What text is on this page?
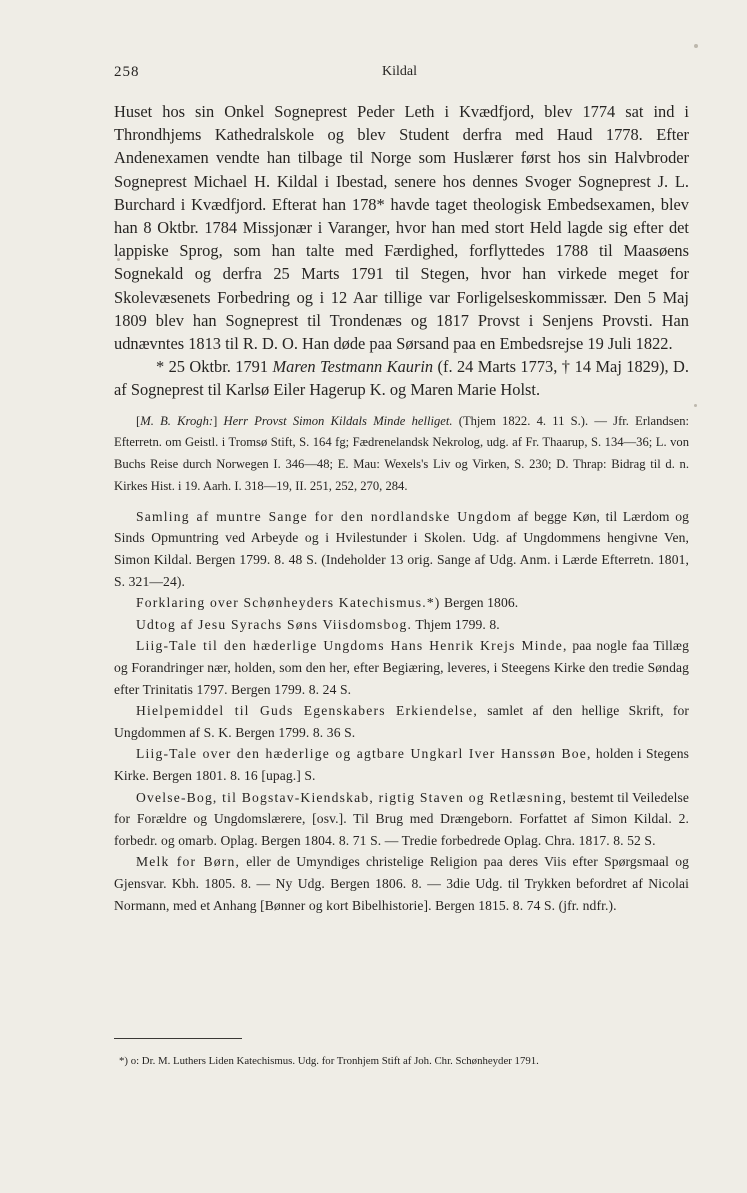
258	Kildal

Huset hos sin Onkel Sogneprest Peder Leth i Kvædfjord, blev 1774 sat ind i Throndhjems Kathedralskole og blev Student derfra med Haud 1778. Efter Andenexamen vendte han tilbage til Norge som Huslærer først hos sin Halvbroder Sogneprest Michael H. Kildal i Ibestad, senere hos dennes Svoger Sogneprest J. L. Burchard i Kvædfjord. Efterat han 178* havde taget theologisk Embedsexamen, blev han 8 Oktbr. 1784 Missjonær i Varanger, hvor han med stort Held lagde sig efter det lappiske Sprog, som han talte med Færdighed, forflyttedes 1788 til Maasøens Sognekald og derfra 25 Marts 1791 til Stegen, hvor han virkede meget for Skolevæsenets Forbedring og i 12 Aar tillige var Forligelseskommissær. Den 5 Maj 1809 blev han Sogneprest til Trondenæs og 1817 Provst i Senjens Provsti. Han udnævntes 1813 til R. D. O. Han døde paa Sørsand paa en Embedsrejse 19 Juli 1822.

* 25 Oktbr. 1791 Maren Testmann Kaurin (f. 24 Marts 1773, † 14 Maj 1829), D. af Sogneprest til Karlsø Eiler Hagerup K. og Maren Marie Holst.

[M. B. Krogh:] Herr Provst Simon Kildals Minde helliget. (Thjem 1822. 4. 11 S.). — Jfr. Erlandsen: Efterretn. om Geistl. i Tromsø Stift, S. 164 fg; Fædrenelandsk Nekrolog, udg. af Fr. Thaarup, S. 134—36; L. von Buchs Reise durch Norwegen I. 346—48; E. Mau: Wexels's Liv og Virken, S. 230; D. Thrap: Bidrag til d. n. Kirkes Hist. i 19. Aarh. I. 318—19, II. 251, 252, 270, 284.

Samling af muntre Sange for den nordlandske Ungdom af begge Køn, til Lærdom og Sinds Opmuntring ved Arbeyde og i Hvilestunder i Skolen. Udg. af Ungdommens hengivne Ven, Simon Kildal. Bergen 1799. 8. 48 S. (Indeholder 13 orig. Sange af Udg. Anm. i Lærde Efterretn. 1801, S. 321—24).

Forklaring over Schønheyders Katechismus.*) Bergen 1806.

Udtog af Jesu Syrachs Søns Viisdomsbog. Thjem 1799. 8.

Liig-Tale til den hæderlige Ungdoms Hans Henrik Krejs Minde, paa nogle faa Tillæg og Forandringer nær, holden, som den her, efter Begiæring, leveres, i Steegens Kirke den tredie Søndag efter Trinitatis 1797. Bergen 1799. 8. 24 S.

Hielpemiddel til Guds Egenskabers Erkiendelse, samlet af den hellige Skrift, for Ungdommen af S. K. Bergen 1799. 8. 36 S.

Liig-Tale over den hæderlige og agtbare Ungkarl Iver Hanssøn Boe, holden i Stegens Kirke. Bergen 1801. 8. 16 [upag.] S.

Ovelse-Bog, til Bogstav-Kiendskab, rigtig Staven og Retlæsning, bestemt til Veiledelse for Forældre og Ungdomslærere, [osv.]. Til Brug med Drængeborn. Forfattet af Simon Kildal. 2. forbedr. og omarb. Oplag. Bergen 1804. 8. 71 S. — Tredie forbedrede Oplag. Chra. 1817. 8. 52 S.

Melk for Børn, eller de Umyndiges christelige Religion paa deres Viis efter Spørgsmaal og Gjensvar. Kbh. 1805. 8. — Ny Udg. Bergen 1806. 8. — 3die Udg. til Trykken befordret af Nicolai Normann, med et Anhang [Bønner og kort Bibelhistorie]. Bergen 1815. 8. 74 S. (jfr. ndfr.).

*) o: Dr. M. Luthers Liden Katechismus. Udg. for Tronhjem Stift af Joh. Chr. Schønheyder 1791.
